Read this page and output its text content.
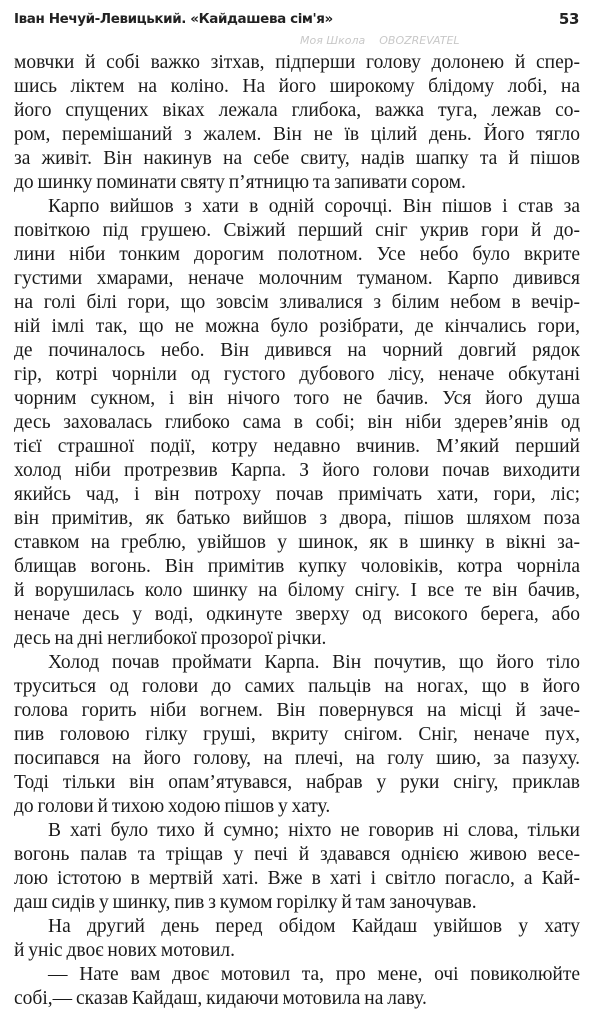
Іван Нечуй-Левицький. «Кайдашева сім'я»	53
Моя Школа OBOZREVATEL
мовчки й собі важко зітхав, підперши голову долонею й спер-
шись ліктем на коліно. На його широкому блідому лобі, на
його спущених віках лежала глибока, важка туга, лежав со-
ром, перемішаний з жалем. Він не їв цілий день. Його тягло
за живіт. Він накинув на себе свиту, надів шапку та й пішов
до шинку поминати святу п’ятницю та запивати сором.
Карпо вийшов з хати в одній сорочці. Він пішов і став за
повіткою під грушею. Свіжий перший сніг укрив гори й до-
лини ніби тонким дорогим полотном. Усе небо було вкрите
густими хмарами, неначе молочним туманом. Карпо дивився
на голі білі гори, що зовсім зливалися з білим небом в вечір-
ній імлі так, що не можна було розібрати, де кінчались гори,
де починалось небо. Він дивився на чорний довгий рядок
гір, котрі чорніли од густого дубового лісу, неначе обкутані
чорним сукном, і він нічого того не бачив. Уся його душа
десь заховалась глибоко сама в собі; він ніби здерев’янів од
тієї страшної події, котру недавно вчинив. М’який перший
холод ніби протрезвив Карпа. З його голови почав виходити
якийсь чад, і він потроху почав примічать хати, гори, ліс;
він примітив, як батько вийшов з двора, пішов шляхом поза
ставком на греблю, увійшов у шинок, як в шинку в вікні за-
блищав вогонь. Він примітив купку чоловіків, котра чорніла
й ворушилась коло шинку на білому снігу. І все те він бачив,
неначе десь у воді, одкинуте зверху од високого берега, або
десь на дні неглибокої прозорої річки.
Холод почав проймати Карпа. Він почутив, що його тіло
труситься од голови до самих пальців на ногах, що в його
голова горить ніби вогнем. Він повернувся на місці й заче-
пив головою гілку груші, вкриту снігом. Сніг, неначе пух,
посипався на його голову, на плечі, на голу шию, за пазуху.
Тоді тільки він опам’ятувався, набрав у руки снігу, приклав
до голови й тихою ходою пішов у хату.
В хаті було тихо й сумно; ніхто не говорив ні слова, тільки
вогонь палав та тріщав у печі й здавався однією живою весе-
лою істотою в мертвій хаті. Вже в хаті і світло погасло, а Кай-
даш сидів у шинку, пив з кумом горілку й там заночував.
На другий день перед обідом Кайдаш увійшов у хату
й уніс двоє нових мотовил.
— Нате вам двоє мотовил та, про мене, очі повиколюйте
собі,— сказав Кайдаш, кидаючи мотовила на лаву.
